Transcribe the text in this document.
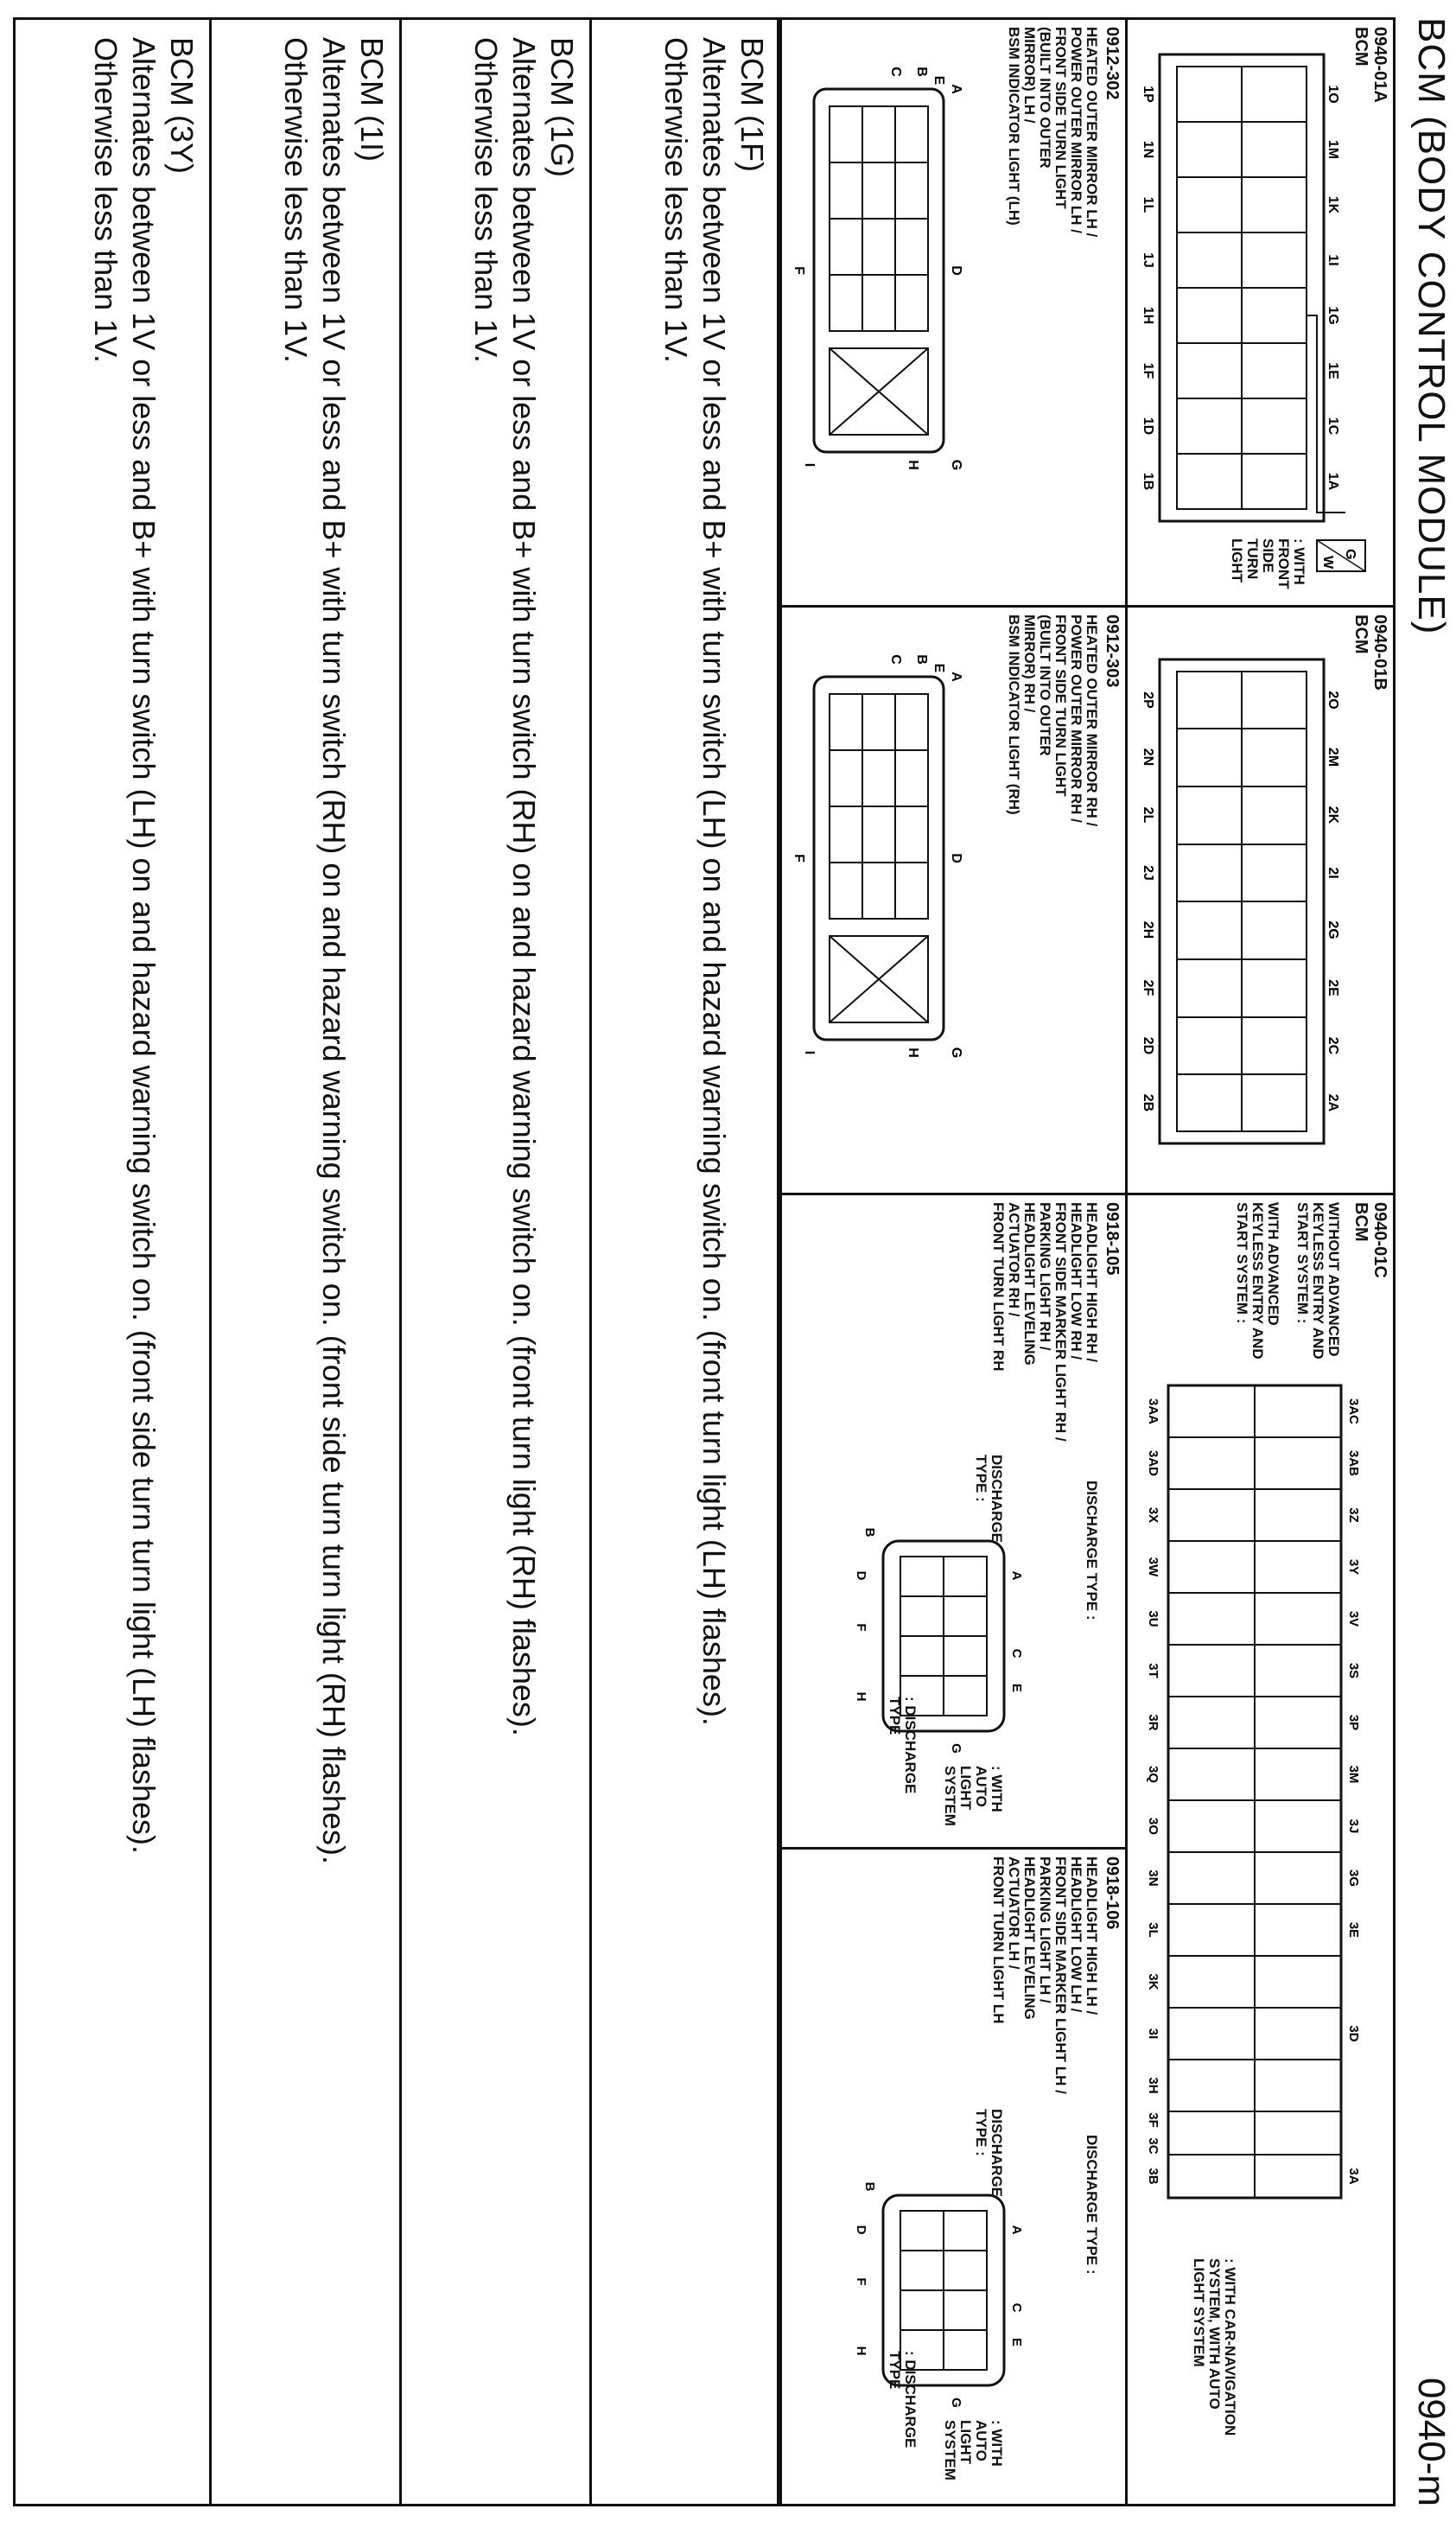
BCM (BODY CONTROL MODULE)
0940-m
0940-01A
BCM
1O
1M
1K
1I
1G
1E
1C
1A
1P
1N
1L
1J
1H
1F
1D
1B
G
W
: WITH
FRONT
SIDE TURN
LIGHT
0912-302
HEATED OUTER MIRROR LH /
POWER OUTER MIRROR LH /
FRONT SIDE TURN LIGHT
(BUILT INTO OUTER
MIRROR) LH /
BSM INDICATOR LIGHT (LH)
A
B
C
D
E
F
G
H
I
0940-01B
BCM
2O
2M
2K
2I
2G
2E
2C
2A
2P
2N
2L
2J
2H
2F
2D
2B
0912-303
HEATED OUTER MIRROR RH /
POWER OUTER MIRROR RH /
FRONT SIDE TURN LIGHT
(BUILT INTO OUTER
MIRROR) RH /
BSM INDICATOR LIGHT (RH)
A
B
C
D
E
F
G
H
I
0940-01C
BCM
WITHOUT ADVANCED
KEYLESS ENTRY AND
START SYSTEM :
WITH ADVANCED
KEYLESS ENTRY AND
START SYSTEM :
3AC
3AB
3AA
3AD
3Z
3Y
3X
3W
3V
3U
3T	3S
3R
3Q
3P
3O
3N
3M
3L
3K
3J
3I
3H
3G
3F
3E
3D
3C
3B	3A
: WITH CAR-NAVIGATION
SYSTEM, WITH AUTO
LIGHT SYSTEM
0918-105
HEADLIGHT HIGH RH /
HEADLIGHT LOW RH /
FRONT SIDE MARKER LIGHT RH /
PARKING LIGHT RH /
HEADLIGHT LEVELING
ACTUATOR RH /
FRONT TURN LIGHT RH
DISCHARGE TYPE :
DISCHARGE
TYPE :
: DISCHARGE
TYPE
: WITH
AUTO
LIGHT
SYSTEM
A
B
C
D
E
F
G
H
0918-106
HEADLIGHT HIGH LH /
HEADLIGHT LOW LH /
FRONT SIDE MARKER LIGHT LH /
PARKING LIGHT LH /
HEADLIGHT LEVELING
ACTUATOR LH /
FRONT TURN LIGHT LH
DISCHARGE TYPE :
DISCHARGE
TYPE :
: DISCHARGE
TYPE
: WITH
AUTO
LIGHT
SYSTEM
A
B
C
D
E
F
G
H
BCM (1F)
Alternates between 1V or less and B+ with turn switch (LH) on and hazard warning switch on. (front turn light (LH) flashes).
Otherwise less than 1V.
BCM (1G)
Alternates between 1V or less and B+ with turn switch (RH) on and hazard warning switch on. (front turn light (RH) flashes).
Otherwise less than 1V.
BCM (1I)
Alternates between 1V or less and B+ with turn switch (RH) on and hazard warning switch on. (front side turn turn light (RH) flashes).
Otherwise less than 1V.
BCM (3Y)
Alternates between 1V or less and B+ with turn switch (LH) on and hazard warning switch on. (front side turn turn light (LH) flashes).
Otherwise less than 1V.
